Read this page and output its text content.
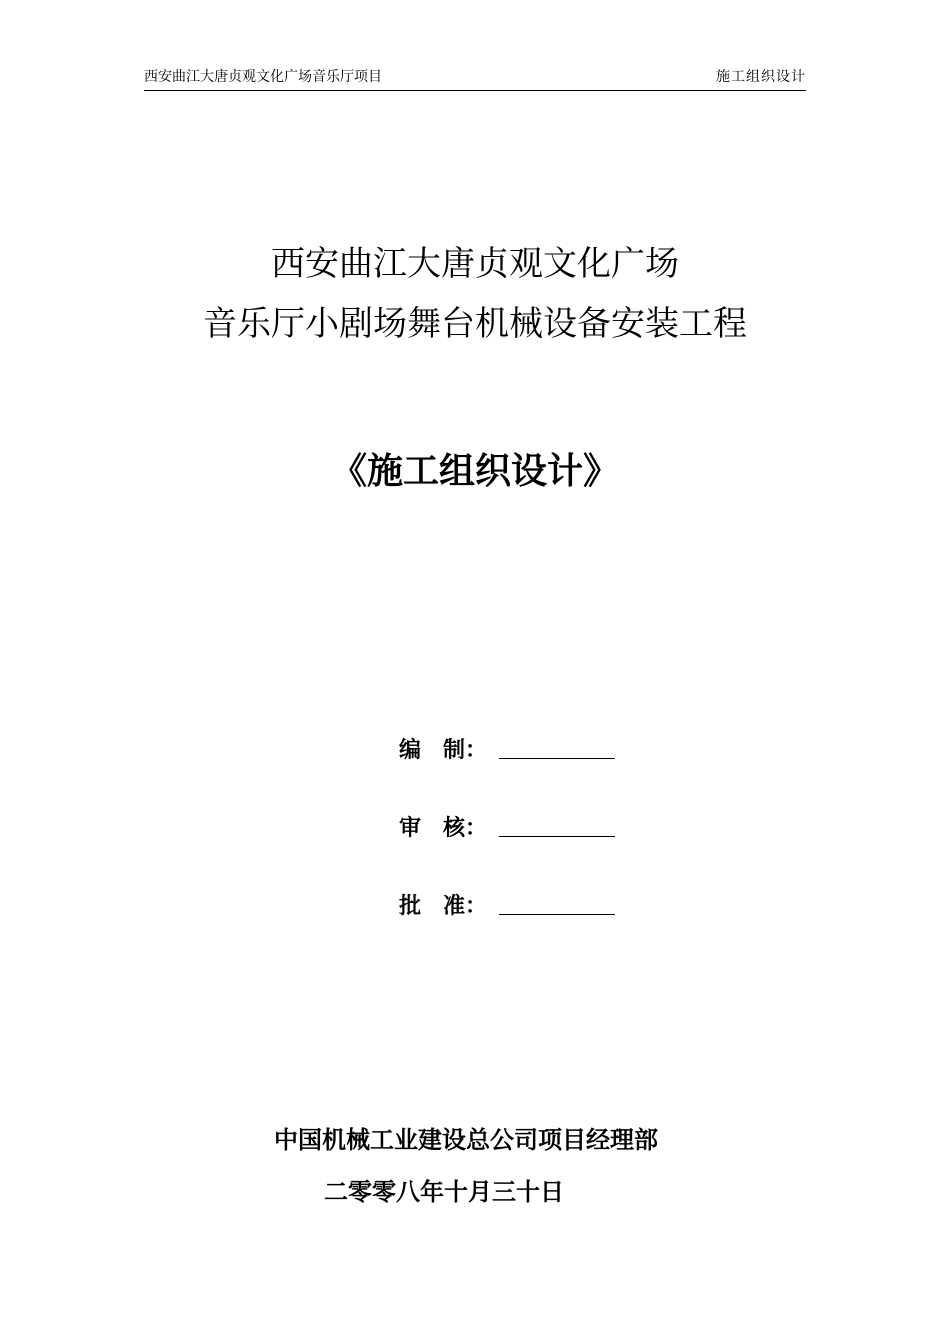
西安曲江大唐贞观文化广场音乐厅项目	施工组织设计
西安曲江大唐贞观文化广场
音乐厅小剧场舞台机械设备安装工程
《施工组织设计》
编　制：
审　核：
批　准：
中国机械工业建设总公司项目经理部
二零零八年十月三十日
